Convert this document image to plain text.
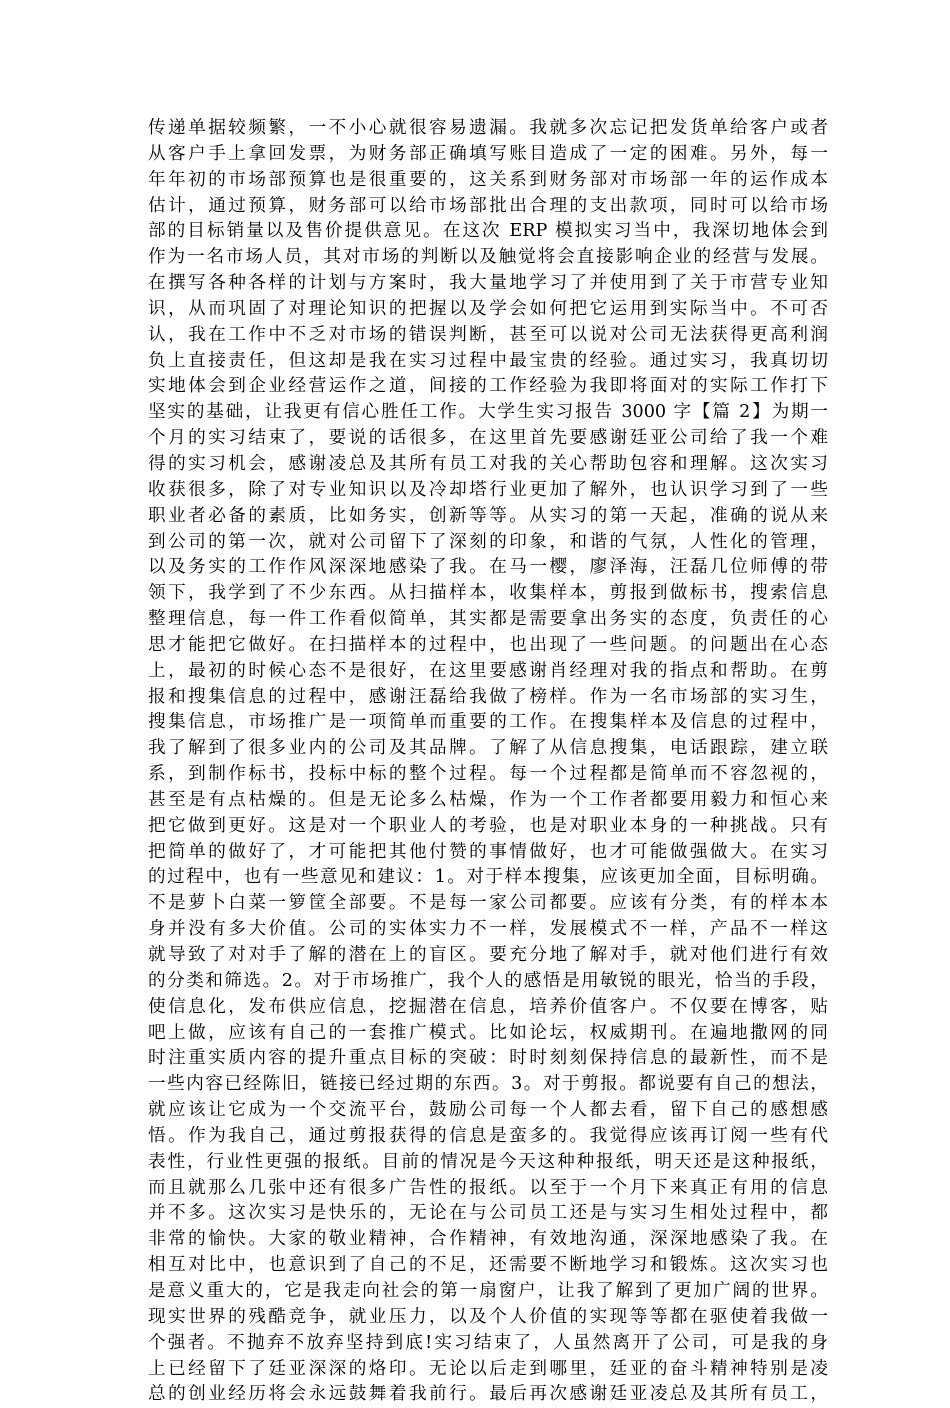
传递单据较频繁，一不小心就很容易遗漏。我就多次忘记把发货单给客户或者
从客户手上拿回发票，为财务部正确填写账目造成了一定的困难。另外，每一
年年初的市场部预算也是很重要的，这关系到财务部对市场部一年的运作成本
估计，通过预算，财务部可以给市场部批出合理的支出款项，同时可以给市场
部的目标销量以及售价提供意见。在这次 ERP 模拟实习当中，我深切地体会到
作为一名市场人员，其对市场的判断以及触觉将会直接影响企业的经营与发展。
在撰写各种各样的计划与方案时，我大量地学习了并使用到了关于市营专业知
识，从而巩固了对理论知识的把握以及学会如何把它运用到实际当中。不可否
认，我在工作中不乏对市场的错误判断，甚至可以说对公司无法获得更高利润
负上直接责任，但这却是我在实习过程中最宝贵的经验。通过实习，我真切切
实地体会到企业经营运作之道，间接的工作经验为我即将面对的实际工作打下
坚实的基础，让我更有信心胜任工作。大学生实习报告 3000 字【篇 2】为期一
个月的实习结束了，要说的话很多，在这里首先要感谢廷亚公司给了我一个难
得的实习机会，感谢凌总及其所有员工对我的关心帮助包容和理解。这次实习
收获很多，除了对专业知识以及冷却塔行业更加了解外，也认识学习到了一些
职业者必备的素质，比如务实，创新等等。从实习的第一天起，准确的说从来
到公司的第一次，就对公司留下了深刻的印象，和谐的气氛，人性化的管理，
以及务实的工作作风深深地感染了我。在马一樱，廖泽海，汪磊几位师傅的带
领下，我学到了不少东西。从扫描样本，收集样本，剪报到做标书，搜索信息
整理信息，每一件工作看似简单，其实都是需要拿出务实的态度，负责任的心
思才能把它做好。在扫描样本的过程中，也出现了一些问题。的问题出在心态
上，最初的时候心态不是很好，在这里要感谢肖经理对我的指点和帮助。在剪
报和搜集信息的过程中，感谢汪磊给我做了榜样。作为一名市场部的实习生，
搜集信息，市场推广是一项简单而重要的工作。在搜集样本及信息的过程中，
我了解到了很多业内的公司及其品牌。了解了从信息搜集，电话跟踪，建立联
系，到制作标书，投标中标的整个过程。每一个过程都是简单而不容忽视的，
甚至是有点枯燥的。但是无论多么枯燥，作为一个工作者都要用毅力和恒心来
把它做到更好。这是对一个职业人的考验，也是对职业本身的一种挑战。只有
把简单的做好了，才可能把其他付赞的事情做好，也才可能做强做大。在实习
的过程中，也有一些意见和建议：1。对于样本搜集，应该更加全面，目标明确。
不是萝卜白菜一箩筐全部要。不是每一家公司都要。应该有分类，有的样本本
身并没有多大价值。公司的实体实力不一样，发展模式不一样，产品不一样这
就导致了对对手了解的潜在上的盲区。要充分地了解对手，就对他们进行有效
的分类和筛选。2。对于市场推广，我个人的感悟是用敏锐的眼光，恰当的手段，
使信息化，发布供应信息，挖掘潜在信息，培养价值客户。不仅要在博客，贴
吧上做，应该有自己的一套推广模式。比如论坛，权威期刊。在遍地撒网的同
时注重实质内容的提升重点目标的突破：时时刻刻保持信息的最新性，而不是
一些内容已经陈旧，链接已经过期的东西。3。对于剪报。都说要有自己的想法，
就应该让它成为一个交流平台，鼓励公司每一个人都去看，留下自己的感想感
悟。作为我自己，通过剪报获得的信息是蛮多的。我觉得应该再订阅一些有代
表性，行业性更强的报纸。目前的情况是今天这种种报纸，明天还是这种报纸，
而且就那么几张中还有很多广告性的报纸。以至于一个月下来真正有用的信息
并不多。这次实习是快乐的，无论在与公司员工还是与实习生相处过程中，都
非常的愉快。大家的敬业精神，合作精神，有效地沟通，深深地感染了我。在
相互对比中，也意识到了自己的不足，还需要不断地学习和锻炼。这次实习也
是意义重大的，它是我走向社会的第一扇窗户，让我了解到了更加广阔的世界。
现实世界的残酷竞争，就业压力，以及个人价值的实现等等都在驱使着我做一
个强者。不抛弃不放弃坚持到底!实习结束了，人虽然离开了公司，可是我的身
上已经留下了廷亚深深的烙印。无论以后走到哪里，廷亚的奋斗精神特别是凌
总的创业经历将会永远鼓舞着我前行。最后再次感谢廷亚凌总及其所有员工，
